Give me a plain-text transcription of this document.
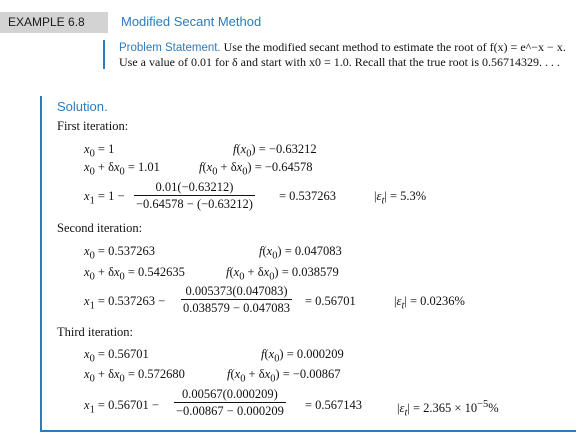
EXAMPLE 6.8	Modified Secant Method
Problem Statement. Use the modified secant method to estimate the root of f(x) = e^−x − x. Use a value of 0.01 for δ and start with x0 = 1.0. Recall that the true root is 0.56714329. . . .
Solution.
First iteration:
$x_0 = 1$	$f(x_0) = -0.63212$
$x_0 + \delta x_0 = 1.01$	$f(x_0 + \delta x_0) = -0.64578$
$x_1 = 1 - \frac{0.01(-0.63212)}{-0.64578 - (-0.63212)} = 0.537263$	$|\varepsilon_t| = 5.3\%$
Second iteration:
$x_0 = 0.537263$	$f(x_0) = 0.047083$
$x_0 + \delta x_0 = 0.542635$	$f(x_0 + \delta x_0) = 0.038579$
$x_1 = 0.537263 - \frac{0.005373(0.047083)}{0.038579 - 0.047083} = 0.56701$	$|\varepsilon_t| = 0.0236\%$
Third iteration:
$x_0 = 0.56701$	$f(x_0) = 0.000209$
$x_0 + \delta x_0 = 0.572680$	$f(x_0 + \delta x_0) = -0.00867$
$x_1 = 0.56701 - \frac{0.00567(0.000209)}{-0.00867 - 0.000209} = 0.567143$	$|\varepsilon_t| = 2.365 \times 10^{-5}\%$
